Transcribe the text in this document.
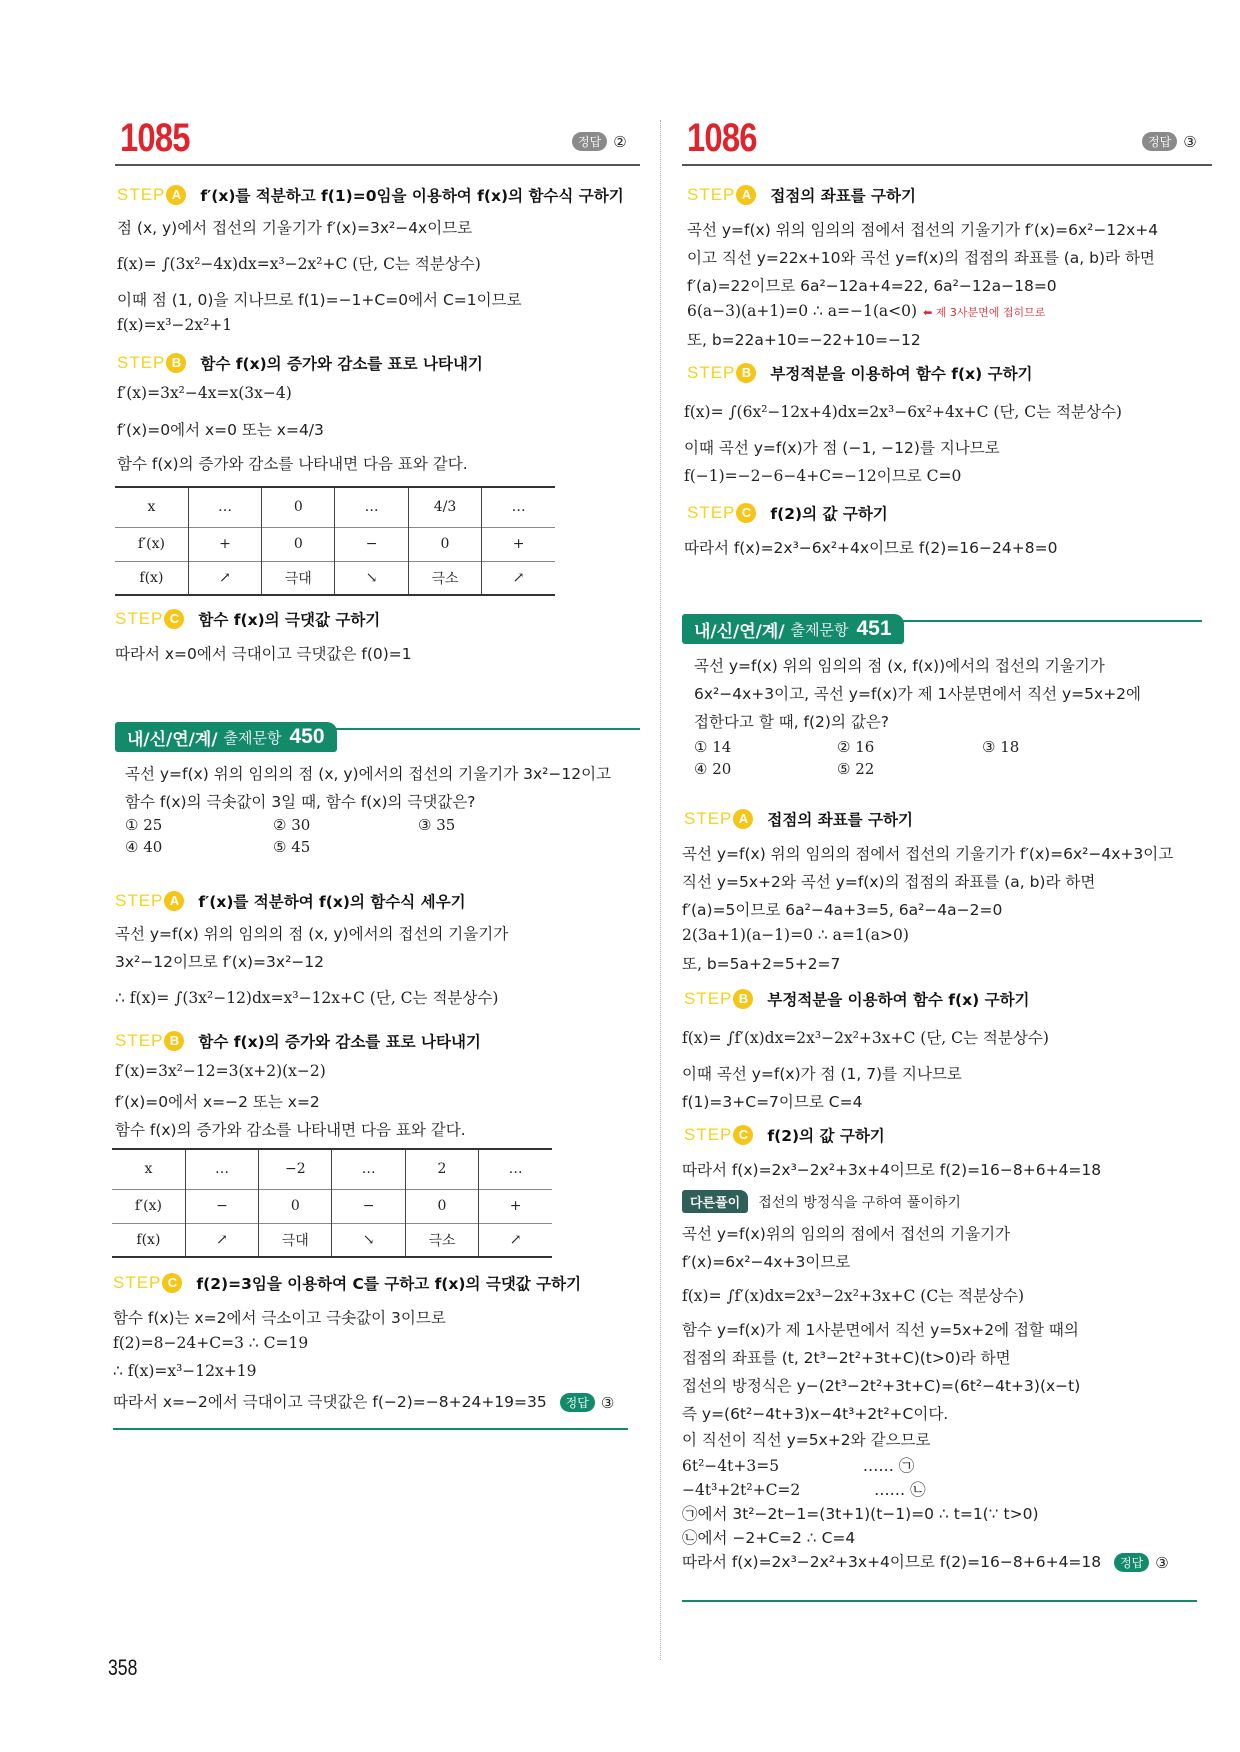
1085	정답 ②
STEP A	f′(x)를 적분하고 f(1)=0임을 이용하여 f(x)의 함수식 구하기
점 (x, y)에서 접선의 기울기가 f′(x)=3x²−4x이므로
f(x)= ∫(3x²−4x)dx=x³−2x²+C (단, C는 적분상수)
이때 점 (1, 0)을 지나므로 f(1)=−1+C=0에서 C=1이므로
f(x)=x³−2x²+1
STEP B	함수 f(x)의 증가와 감소를 표로 나타내기
f′(x)=3x²−4x=x(3x−4)
f′(x)=0에서 x=0 또는 x=4/3
함수 f(x)의 증가와 감소를 나타내면 다음 표와 같다.
x	…	0	…	4/3	…
f′(x)	+	0	−	0	+
f(x)	↗	극대	↘	극소	↗
STEP C	함수 f(x)의 극댓값 구하기
따라서 x=0에서 극대이고 극댓값은 f(0)=1
내/신/연/계/ 출제문항 450
곡선 y=f(x) 위의 임의의 점 (x, y)에서의 접선의 기울기가 3x²−12이고
함수 f(x)의 극솟값이 3일 때, 함수 f(x)의 극댓값은?
① 25	② 30	③ 35
④ 40	⑤ 45
STEP A	f′(x)를 적분하여 f(x)의 함수식 세우기
곡선 y=f(x) 위의 임의의 점 (x, y)에서의 접선의 기울기가
3x²−12이므로 f′(x)=3x²−12
∴ f(x)= ∫(3x²−12)dx=x³−12x+C (단, C는 적분상수)
STEP B	함수 f(x)의 증가와 감소를 표로 나타내기
f′(x)=3x²−12=3(x+2)(x−2)
f′(x)=0에서 x=−2 또는 x=2
함수 f(x)의 증가와 감소를 나타내면 다음 표와 같다.
x	…	−2	…	2	…
f′(x)	−	0	−	0	+
f(x)	↗	극대	↘	극소	↗
STEP C	f(2)=3임을 이용하여 C를 구하고 f(x)의 극댓값 구하기
함수 f(x)는 x=2에서 극소이고 극솟값이 3이므로
f(2)=8−24+C=3 ∴ C=19
∴ f(x)=x³−12x+19
따라서 x=−2에서 극대이고 극댓값은 f(−2)=−8+24+19=35 정답 ③
1086	정답 ③
STEP A	접점의 좌표를 구하기
곡선 y=f(x) 위의 임의의 점에서 접선의 기울기가 f′(x)=6x²−12x+4
이고 직선 y=22x+10와 곡선 y=f(x)의 접점의 좌표를 (a, b)라 하면
f′(a)=22이므로 6a²−12a+4=22, 6a²−12a−18=0
6(a−3)(a+1)=0 ∴ a=−1(a<0) ⬅ 제 3사분면에 접히므로
또, b=22a+10=−22+10=−12
STEP B	부정적분을 이용하여 함수 f(x) 구하기
f(x)= ∫(6x²−12x+4)dx=2x³−6x²+4x+C (단, C는 적분상수)
이때 곡선 y=f(x)가 점 (−1, −12)를 지나므로
f(−1)=−2−6−4+C=−12이므로 C=0
STEP C	f(2)의 값 구하기
따라서 f(x)=2x³−6x²+4x이므로 f(2)=16−24+8=0
내/신/연/계/ 출제문항 451
곡선 y=f(x) 위의 임의의 점 (x, f(x))에서의 접선의 기울기가
6x²−4x+3이고, 곡선 y=f(x)가 제 1사분면에서 직선 y=5x+2에
접한다고 할 때, f(2)의 값은?
① 14	② 16	③ 18
④ 20	⑤ 22
STEP A	접점의 좌표를 구하기
곡선 y=f(x) 위의 임의의 점에서 접선의 기울기가 f′(x)=6x²−4x+3이고
직선 y=5x+2와 곡선 y=f(x)의 접점의 좌표를 (a, b)라 하면
f′(a)=5이므로 6a²−4a+3=5, 6a²−4a−2=0
2(3a+1)(a−1)=0 ∴ a=1(a>0)
또, b=5a+2=5+2=7
STEP B	부정적분을 이용하여 함수 f(x) 구하기
f(x)= ∫f′(x)dx=2x³−2x²+3x+C (단, C는 적분상수)
이때 곡선 y=f(x)가 점 (1, 7)를 지나므로
f(1)=3+C=7이므로 C=4
STEP C	f(2)의 값 구하기
따라서 f(x)=2x³−2x²+3x+4이므로 f(2)=16−8+6+4=18
다른풀이 접선의 방정식을 구하여 풀이하기
곡선 y=f(x)위의 임의의 점에서 접선의 기울기가
f′(x)=6x²−4x+3이므로
f(x)= ∫f′(x)dx=2x³−2x²+3x+C (C는 적분상수)
함수 y=f(x)가 제 1사분면에서 직선 y=5x+2에 접할 때의
접점의 좌표를 (t, 2t³−2t²+3t+C)(t>0)라 하면
접선의 방정식은 y−(2t³−2t²+3t+C)=(6t²−4t+3)(x−t)
즉 y=(6t²−4t+3)x−4t³+2t²+C이다.
이 직선이 직선 y=5x+2와 같으므로
6t²−4t+3=5                 …… ㉠
−4t³+2t²+C=2               …… ㉡
㉠에서 3t²−2t−1=(3t+1)(t−1)=0 ∴ t=1(∵ t>0)
㉡에서 −2+C=2 ∴ C=4
따라서 f(x)=2x³−2x²+3x+4이므로 f(2)=16−8+6+4=18 정답 ③
358
